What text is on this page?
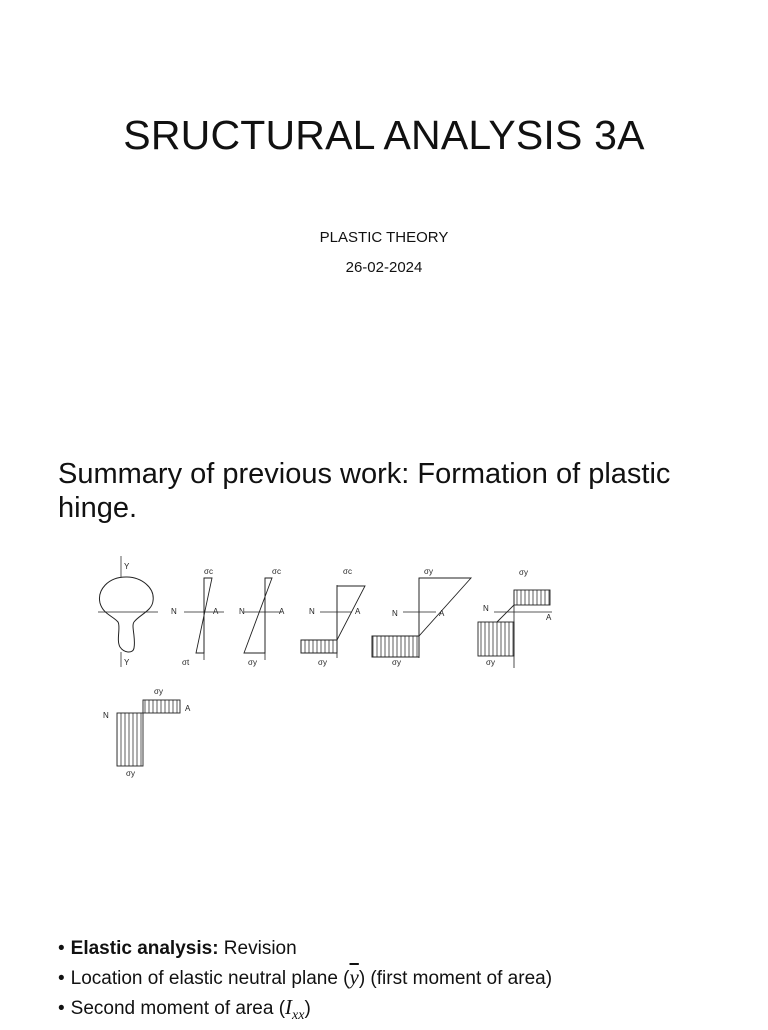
SRUCTURAL ANALYSIS 3A

PLASTIC THEORY

26-02-2024

Summary of previous work: Formation of plastic hinge.

Y
Y
σc
N	A
σt
σc
N	A
σy
σc
N	A
σy
σy
N	A
σy
σy
N
A
σy
σy
N
A
σy
• Elastic analysis: Revision
• Location of elastic neutral plane $(\overline{y})$ (first moment of area)
• Second moment of area $(I_{xx})$
